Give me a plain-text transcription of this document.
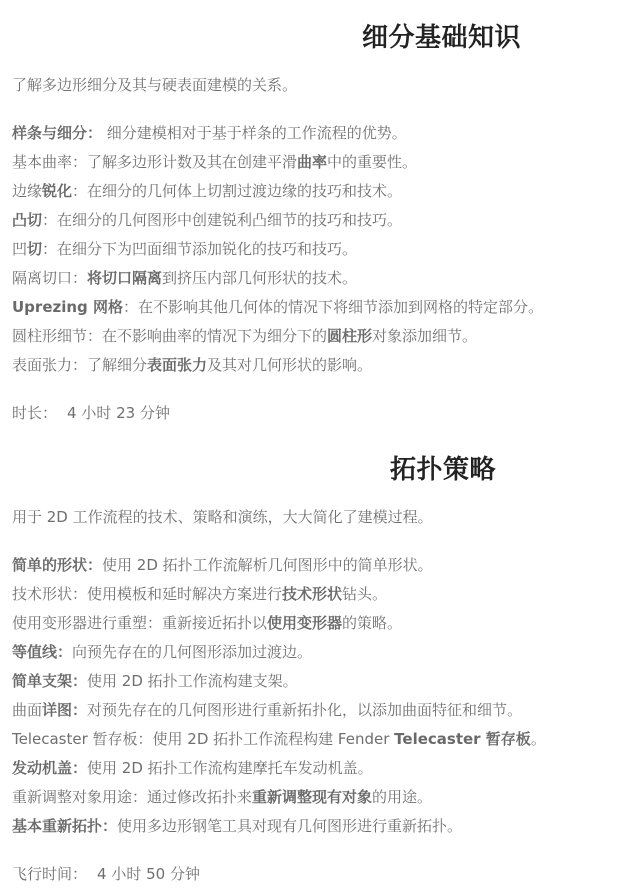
细分基础知识
了解多边形细分及其与硬表面建模的关系。
样条与细分： 细分建模相对于基于样条的工作流程的优势。
基本曲率：了解多边形计数及其在创建平滑曲率中的重要性。
边缘锐化：在细分的几何体上切割过渡边缘的技巧和技术。
凸切：在细分的几何图形中创建锐利凸细节的技巧和技巧。
凹切：在细分下为凹面细节添加锐化的技巧和技巧。
隔离切口：将切口隔离到挤压内部几何形状的技术。
Uprezing 网格：在不影响其他几何体的情况下将细节添加到网格的特定部分。
圆柱形细节：在不影响曲率的情况下为细分下的圆柱形对象添加细节。
表面张力：了解细分表面张力及其对几何形状的影响。
时长： 4 小时 23 分钟
拓扑策略
用于 2D 工作流程的技术、策略和演练，大大简化了建模过程。
简单的形状：使用 2D 拓扑工作流解析几何图形中的简单形状。
技术形状：使用模板和延时解决方案进行技术形状钻头。
使用变形器进行重塑：重新接近拓扑以使用变形器的策略。
等值线：向预先存在的几何图形添加过渡边。
简单支架：使用 2D 拓扑工作流构建支架。
曲面详图：对预先存在的几何图形进行重新拓扑化，以添加曲面特征和细节。
Telecaster 暂存板：使用 2D 拓扑工作流程构建 Fender Telecaster 暂存板。
发动机盖：使用 2D 拓扑工作流构建摩托车发动机盖。
重新调整对象用途：通过修改拓扑来重新调整现有对象的用途。
基本重新拓扑：使用多边形钢笔工具对现有几何图形进行重新拓扑。
飞行时间： 4 小时 50 分钟
